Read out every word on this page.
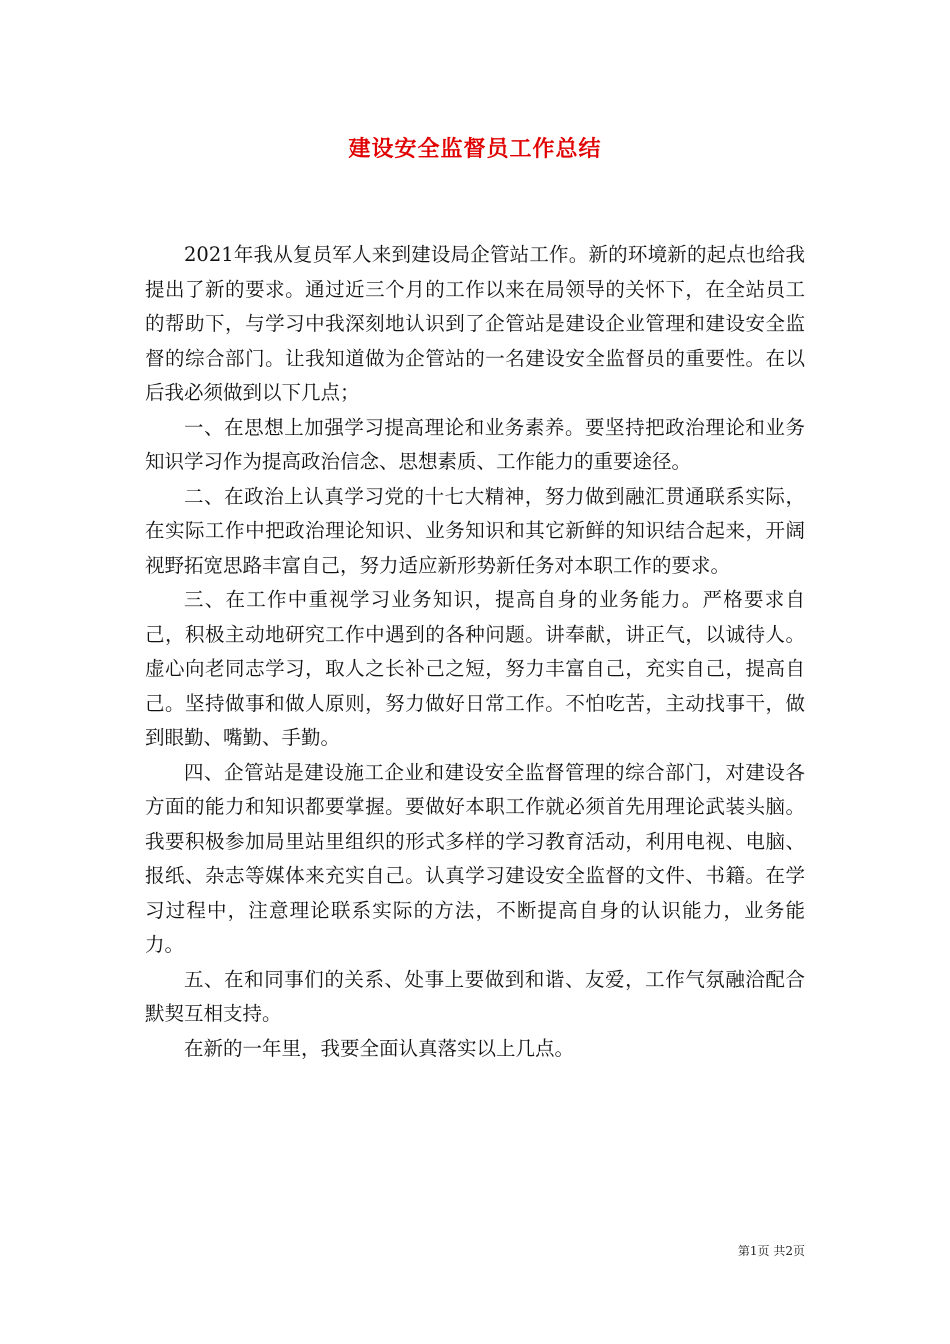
建设安全监督员工作总结

2021年我从复员军人来到建设局企管站工作。新的环境新的起点也给我提出了新的要求。通过近三个月的工作以来在局领导的关怀下，在全站员工的帮助下，与学习中我深刻地认识到了企管站是建设企业管理和建设安全监督的综合部门。让我知道做为企管站的一名建设安全监督员的重要性。在以后我必须做到以下几点；

一、在思想上加强学习提高理论和业务素养。要坚持把政治理论和业务知识学习作为提高政治信念、思想素质、工作能力的重要途径。

二、在政治上认真学习党的十七大精神，努力做到融汇贯通联系实际，在实际工作中把政治理论知识、业务知识和其它新鲜的知识结合起来，开阔视野拓宽思路丰富自己，努力适应新形势新任务对本职工作的要求。

三、在工作中重视学习业务知识，提高自身的业务能力。严格要求自己，积极主动地研究工作中遇到的各种问题。讲奉献，讲正气，以诚待人。虚心向老同志学习，取人之长补己之短，努力丰富自己，充实自己，提高自己。坚持做事和做人原则，努力做好日常工作。不怕吃苦，主动找事干，做到眼勤、嘴勤、手勤。

四、企管站是建设施工企业和建设安全监督管理的综合部门，对建设各方面的能力和知识都要掌握。要做好本职工作就必须首先用理论武装头脑。我要积极参加局里站里组织的形式多样的学习教育活动，利用电视、电脑、报纸、杂志等媒体来充实自己。认真学习建设安全监督的文件、书籍。在学习过程中，注意理论联系实际的方法，不断提高自身的认识能力，业务能力。

五、在和同事们的关系、处事上要做到和谐、友爱，工作气氛融洽配合默契互相支持。

在新的一年里，我要全面认真落实以上几点。

第1页 共2页
